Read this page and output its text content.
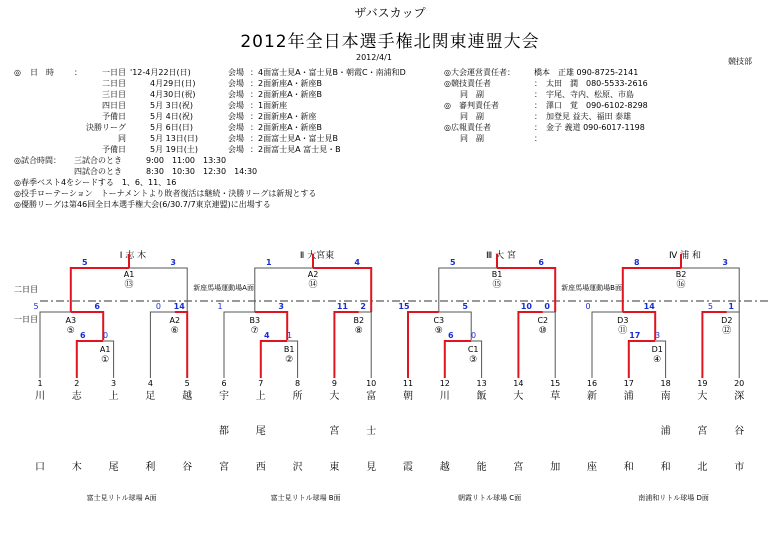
ザバスカップ
2012年全日本選手権北関東連盟大会
2012/4/1	競技部
◎	日　時	：	一日目 '12-4月22日(日)	会場 ：4面富士見A・富士見B・朝霞C・南浦和D
二日目	4月29日(日)	会場 ：2面新座A・新座B
三日目	4月30日(祝)	会場 ：2面新座A・新座B
四日目	5月 3日(祝)	会場 ：1面新座
予備日	5月 4日(祝)	会場 ：2面新座A・新座
決勝リーグ	5月 6日(日)	会場 ：2面新座A・新座B
同	5月 13日(日)	会場 ：2面富士見A・富士見B
予備日	5月 19日(土)	会場 ：2面富士見A 富士見・B
◎試合時間：	三試合のとき	9:00　11:00　13:30
四試合のとき	8:30　10:30　12:30　14:30
◎春季ベスト4をシードする　1、6、11、16
◎投手ローテーション　トーナメントより敗者復活は継続・決勝リーグは新規とする
◎優勝リーグは第46回全日本選手権大会(6/30.7/7東京連盟)に出場する
◎大会運営責任者：	橋本　正雄 090-8725-2141
◎競技責任者	：　太田　潤　080-5533-2616
　　同　副	：　宇尾、寺内、松原、市島
◎　審判責任者	：　澤口　覚　090-6102-8298
　　同　副	：　加登見 益夫、福田 泰雄
◎広報責任者	：　金子 義道 090-6017-1198
　　同　副	：
二日目
一日目
Ⅰ 志 木
5	3
A1
⑬	新座馬場運動場A面
5	6
A3
⑤ 6 0
A1
①
0 14
A2
⑥
富士見リトル球場 A面
Ⅱ 大宮東
1	4
A2
⑭
1	3
B3
⑦ 4 1
B1
②
11 2
B2
⑧
富士見リトル球場 B面
Ⅲ 大 宮
5	6
B1
⑮	新座馬場運動場B面
15	5
C3
⑨ 6 0
C1
③
10 0
C2
⑩
朝霞リトル球場 C面
Ⅳ 浦 和
8	3
B2
⑯
0	14
D3
⑪ 17 3
D1
④
5 1
D2
⑫
南浦和リトル球場 D面
1
川
口
2
志
木
3
上
尾
4
足
利
5
越
谷
6
宇
都
宮
7
上
尾
西
8
所
沢
9
大
宮
東
10
富
士
見
11
朝
霞
12
川
越
13
飯
能
14
大
宮
15
草
加
16
新
座
17
浦
和
18
南
浦
和
19
大
宮
北
20
深
谷
市
